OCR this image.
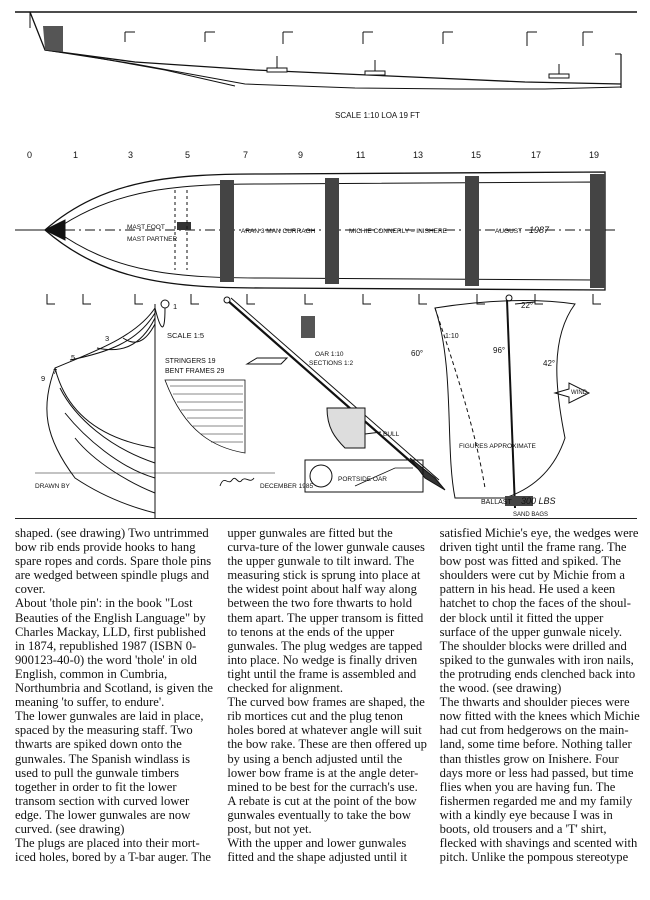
SCALE 1:10 LOA 19 FT
0	1	3	5	7	9	11	13	15	17	19
MAST FOOT
MAST PARTNER
ARAN 3 MAN CURRAGH	MICHIE CONNERLY – INISHERE	AUGUST 1987
1
3
5
7
9
SCALE 1:5
STRINGERS 19
BENT FRAMES 29
DRAWN BY	DECEMBER 1985
OAR 1:10
SECTIONS 1:2
BULL
PORTSIDE OAR
22°
1:10
60°	96°
42°
WIND
FIGURES APPROXIMATE
BALLAST 300 LBS
SAND BAGS

shaped. (see drawing) Two untrimmed bow rib ends provide hooks to hang spare ropes and cords. Spare thole pins are wedged between spindle plugs and cover.

About 'thole pin': in the book "Lost Beauties of the English Language" by Charles Mackay, LLD, first published in 1874, republished 1987 (ISBN 0-900123-40-0) the word 'thole' in old English, common in Cumbria, Northumbria and Scotland, is given the meaning 'to suffer, to endure'.

The lower gunwales are laid in place, spaced by the measuring staff. Two thwarts are spiked down onto the gunwales. The Spanish windlass is used to pull the gunwale timbers together in order to fit the lower transom section with curved lower edge. The lower gunwales are now curved. (see drawing)

The plugs are placed into their mort-iced holes, bored by a T-bar auger. The

upper gunwales are fitted but the curva-ture of the lower gunwale causes the upper gunwale to tilt inward. The measuring stick is sprung into place at the widest point about half way along between the two fore thwarts to hold them apart. The upper transom is fitted to tenons at the ends of the upper gunwales. The plug wedges are tapped into place. No wedge is finally driven tight until the frame is assembled and checked for alignment.

The curved bow frames are shaped, the rib mortices cut and the plug tenon holes bored at whatever angle will suit the bow rake. These are then offered up by using a bench adjusted until the lower bow frame is at the angle deter-mined to be best for the currach's use. A rebate is cut at the point of the bow gunwales eventually to take the bow post, but not yet.

With the upper and lower gunwales fitted and the shape adjusted until it

satisfied Michie's eye, the wedges were driven tight until the frame rang. The bow post was fitted and spiked. The shoulders were cut by Michie from a pattern in his head. He used a keen hatchet to chop the faces of the shoul-der block until it fitted the upper surface of the upper gunwale nicely. The shoulder blocks were drilled and spiked to the gunwales with iron nails, the protruding ends clenched back into the wood. (see drawing)

The thwarts and shoulder pieces were now fitted with the knees which Michie had cut from hedgerows on the main-land, some time before. Nothing taller than thistles grow on Inishere. Four days more or less had passed, but time flies when you are having fun. The fishermen regarded me and my family with a kindly eye because I was in boots, old trousers and a 'T' shirt, flecked with shavings and scented with pitch. Unlike the pompous stereotype
